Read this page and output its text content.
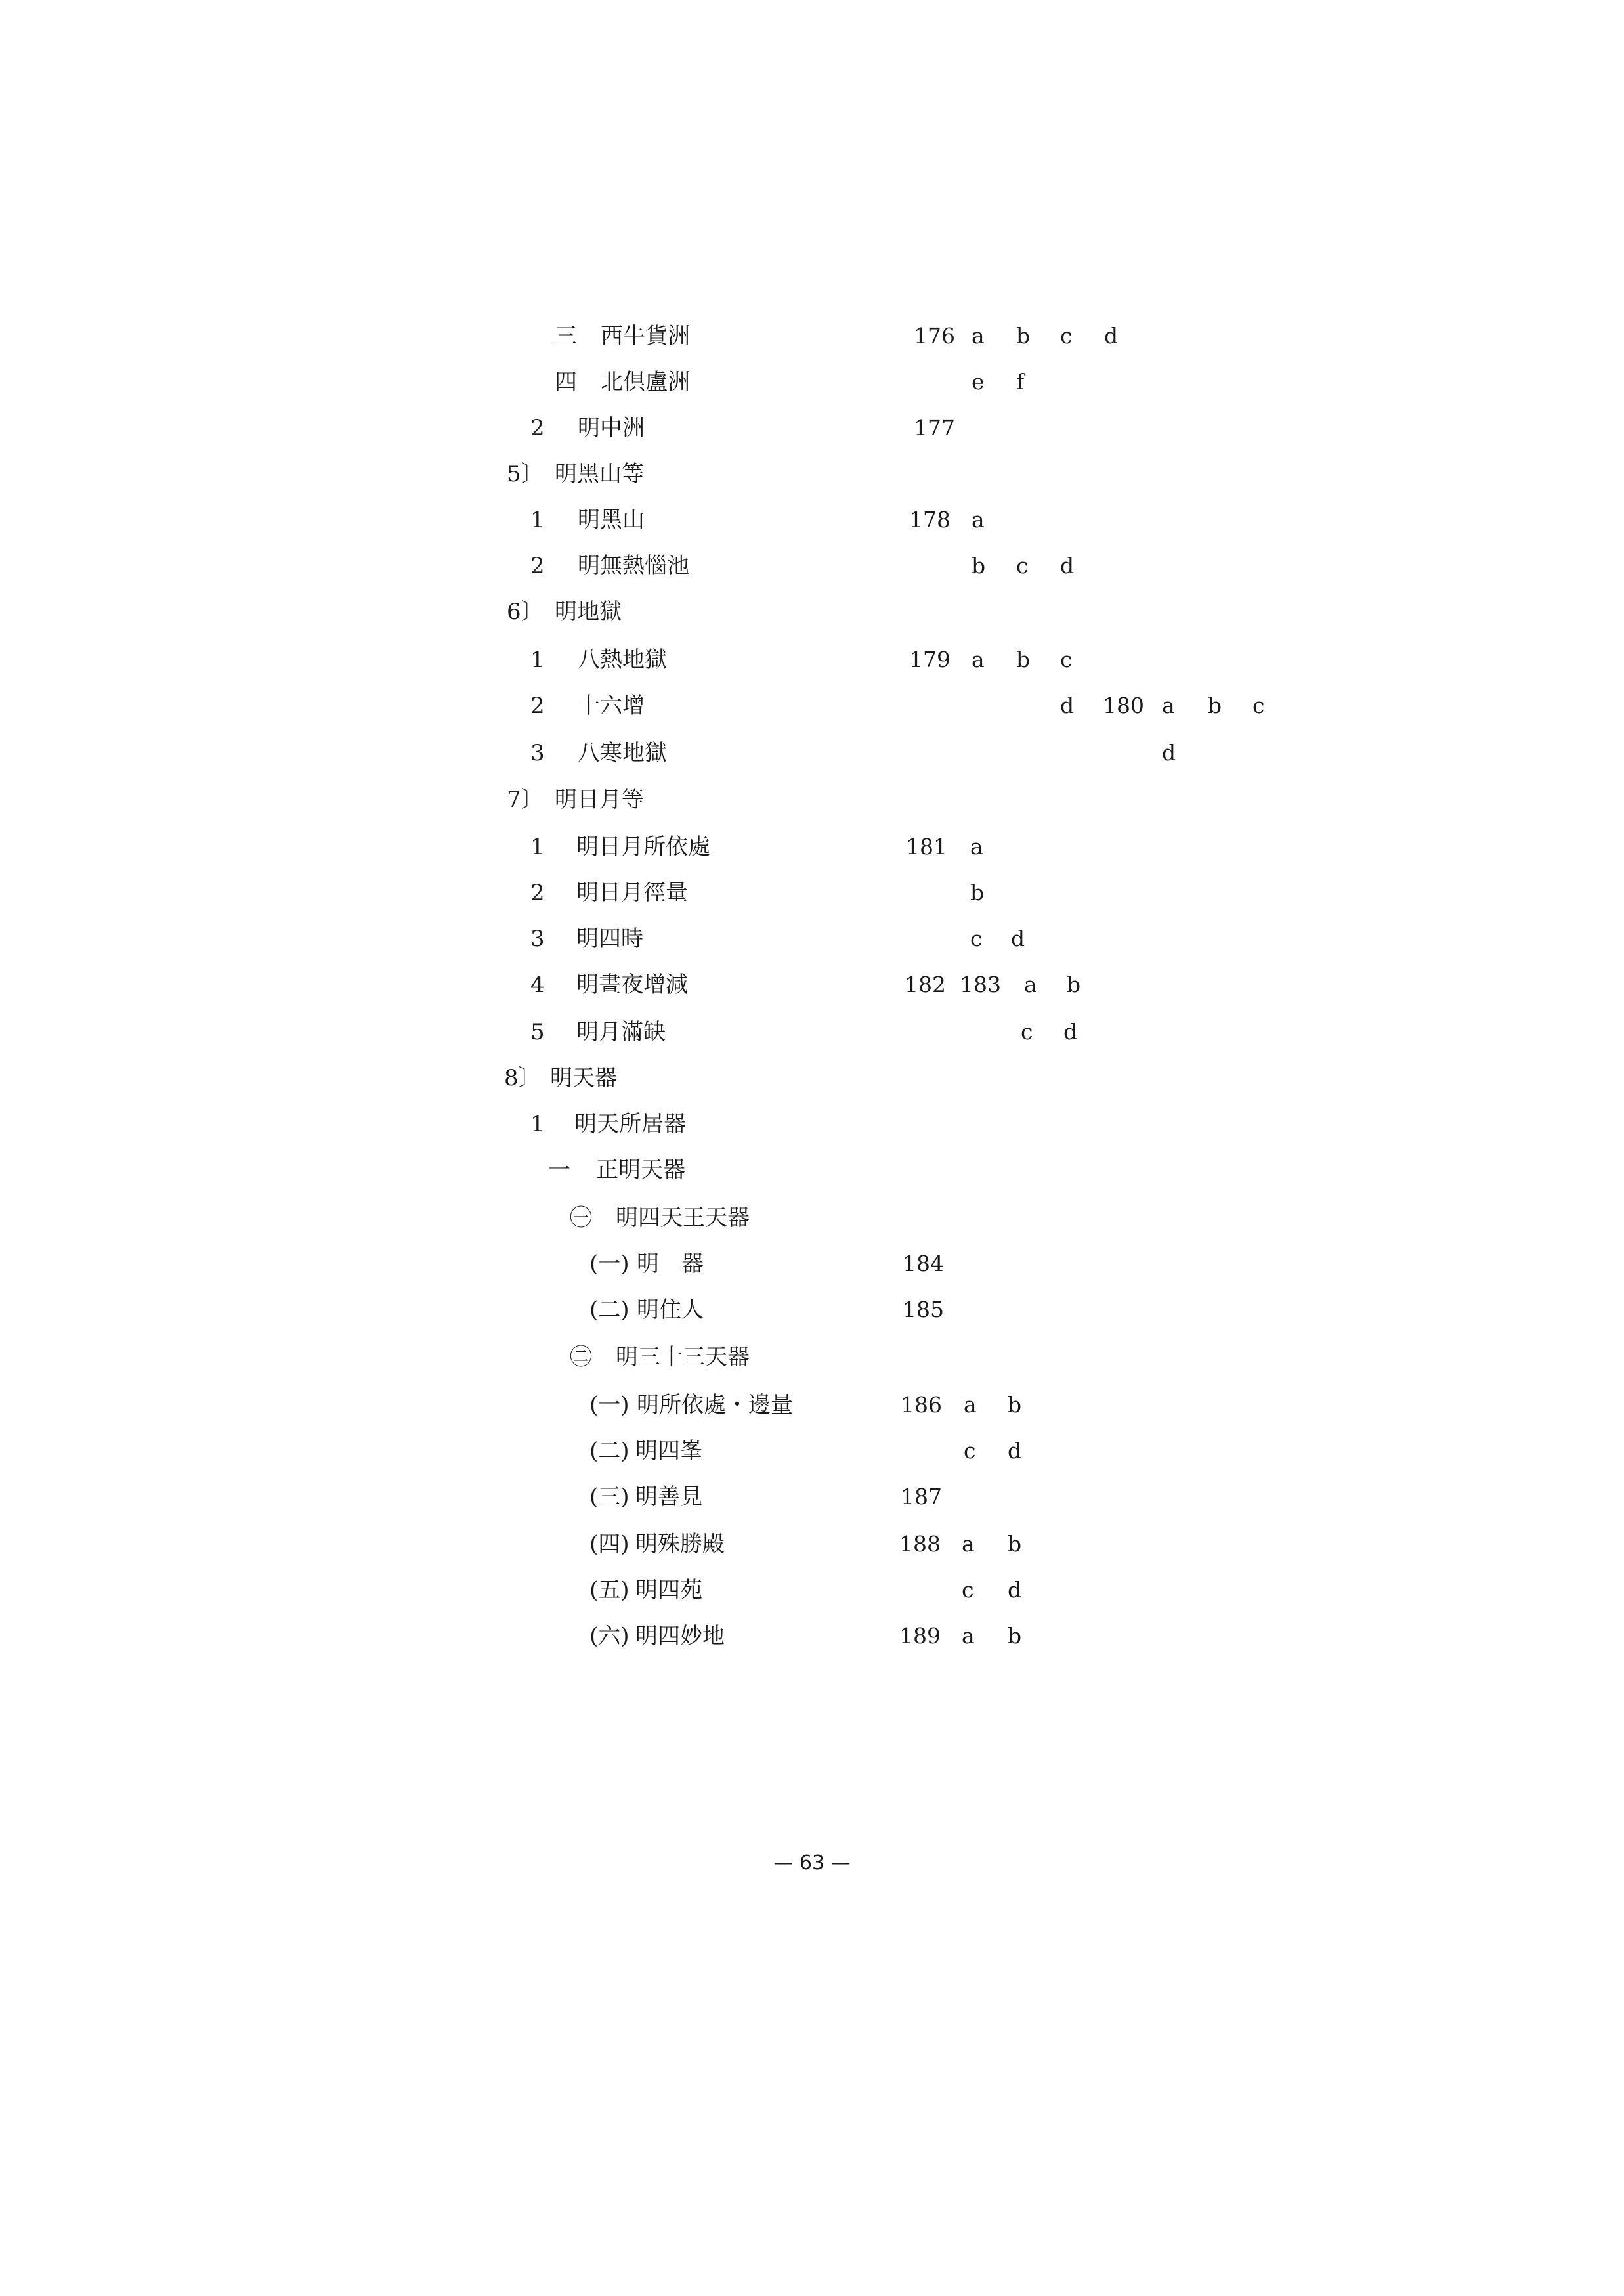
三 西牛貨洲	176 a b c d
四 北倶盧洲	e f
2 明中洲	177
5〕 明黑山等
1 明黑山	178 a
2 明無熱惱池	b c d
6〕 明地獄
1 八熱地獄	179 a b c
2 十六增	d 180 a b c
3 八寒地獄	d
7〕 明日月等
1 明日月所依處	181 a
2 明日月徑量	b
3 明四時	c d
4 明晝夜增減	182 183 a b
5 明月滿缺	c d
8〕 明天器
1 明天所居器
一 正明天器
㊀ 明四天王天器
(一) 明　器	184
(二) 明住人	185
㊁ 明三十三天器
(一) 明所依處・邊量	186 a b
(二) 明四峯	c d
(三) 明善見	187
(四) 明殊勝殿	188 a b
(五) 明四苑	c d
(六) 明四妙地	189 a b
— 63 —
